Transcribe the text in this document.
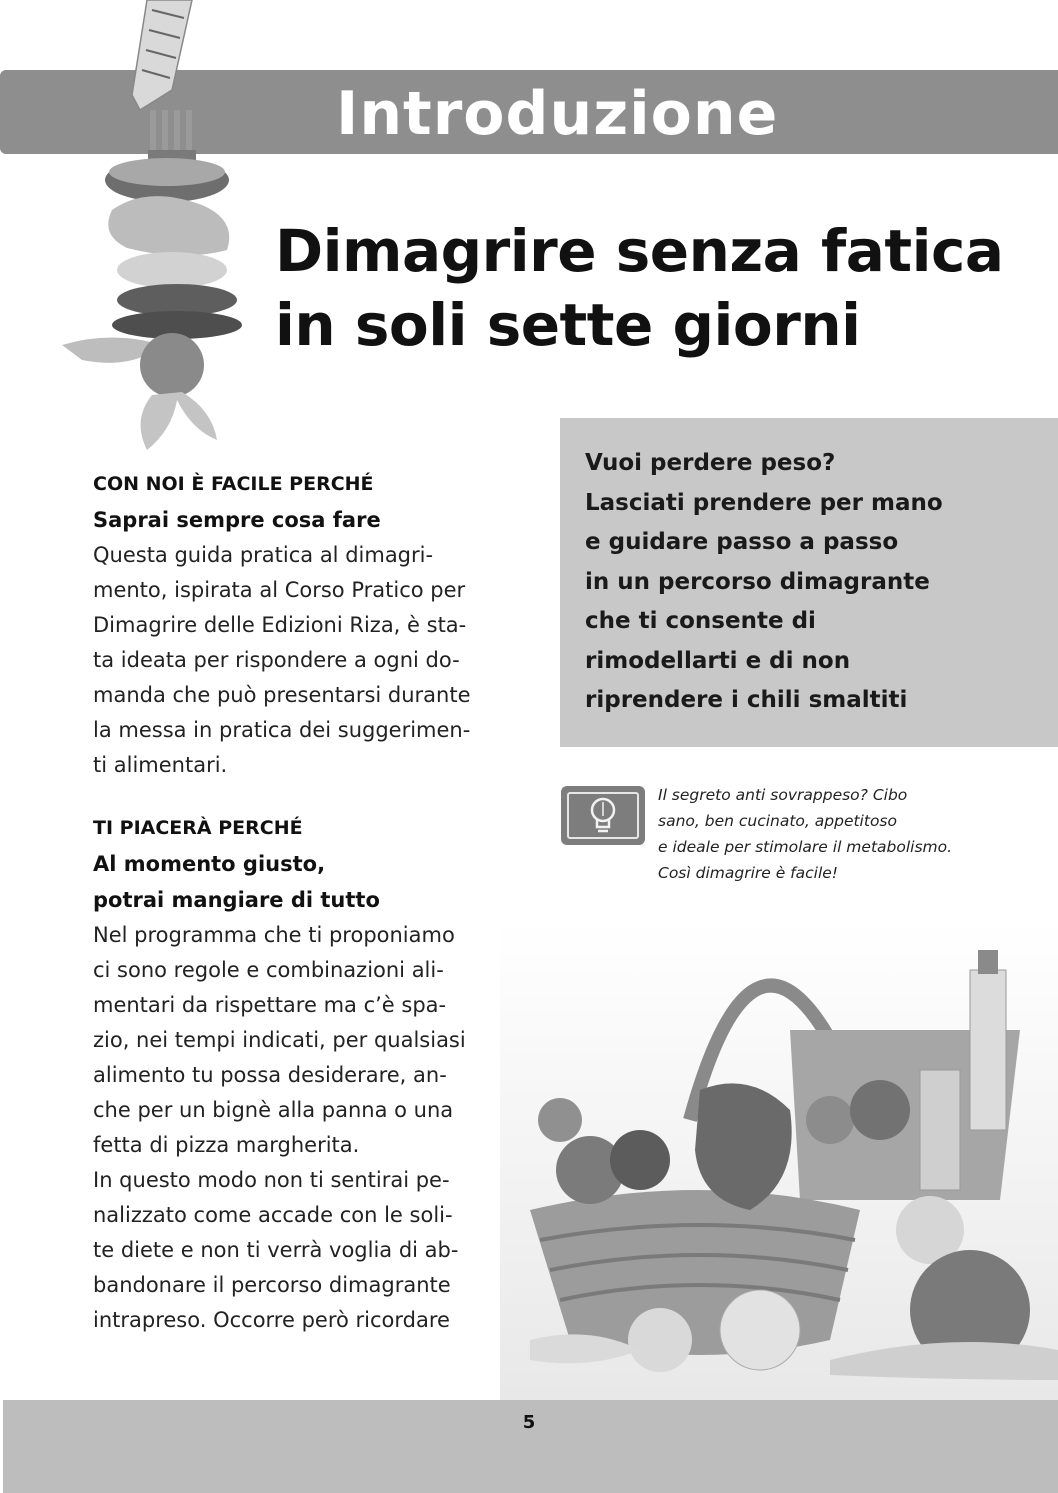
Introduzione
Dimagrire senza fatica
in soli sette giorni
CON NOI È FACILE PERCHÉ
Saprai sempre cosa fare

Questa guida pratica al dimagri-

mento, ispirata al Corso Pratico per

Dimagrire delle Edizioni Riza, è sta-

ta ideata per rispondere a ogni do-

manda che può presentarsi durante

la messa in pratica dei suggerimen-

ti alimentari.

TI PIACERÀ PERCHÉ
Al momento giusto,
potrai mangiare di tutto

Nel programma che ti proponiamo

ci sono regole e combinazioni ali-

mentari da rispettare ma c’è spa-

zio, nei tempi indicati, per qualsiasi

alimento tu possa desiderare, an-

che per un bignè alla panna o una

fetta di pizza margherita.

In questo modo non ti sentirai pe-

nalizzato come accade con le soli-

te diete e non ti verrà voglia di ab-

bandonare il percorso dimagrante

intrapreso. Occorre però ricordare

Vuoi perdere peso?
Lasciati prendere per mano
e guidare passo a passo
in un percorso dimagrante
che ti consente di
rimodellarti e di non
riprendere i chili smaltiti
Il segreto anti sovrappeso? Cibo
sano, ben cucinato, appetitoso
e ideale per stimolare il metabolismo.
Così dimagrire è facile!
5
